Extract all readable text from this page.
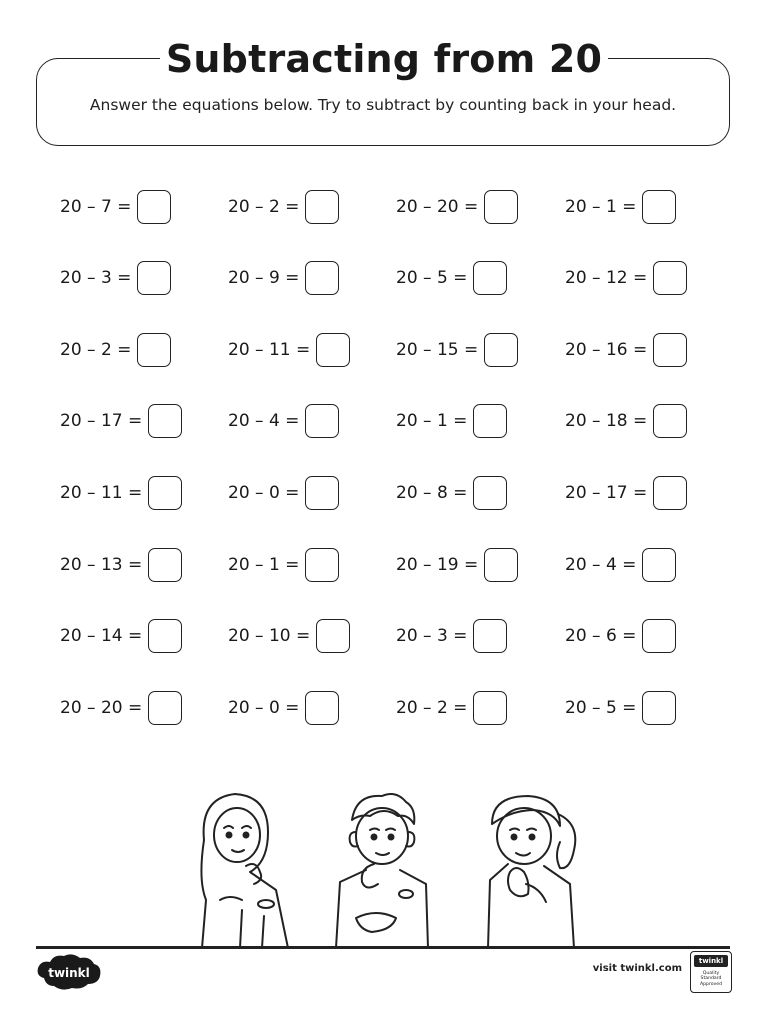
Subtracting from 20
Answer the equations below. Try to subtract by counting back in your head.
20 – 7 =	20 – 2 =	20 – 20 =	20 – 1 =
20 – 3 =	20 – 9 =	20 – 5 =	20 – 12 =
20 – 2 =	20 – 11 =	20 – 15 =	20 – 16 =
20 – 17 =	20 – 4 =	20 – 1 =	20 – 18 =
20 – 11 =	20 – 0 =	20 – 8 =	20 – 17 =
20 – 13 =	20 – 1 =	20 – 19 =	20 – 4 =
20 – 14 =	20 – 10 =	20 – 3 =	20 – 6 =
20 – 20 =	20 – 0 =	20 – 2 =	20 – 5 =
twinkl	visit twinkl.com
twinkl
Quality Standard Approved
